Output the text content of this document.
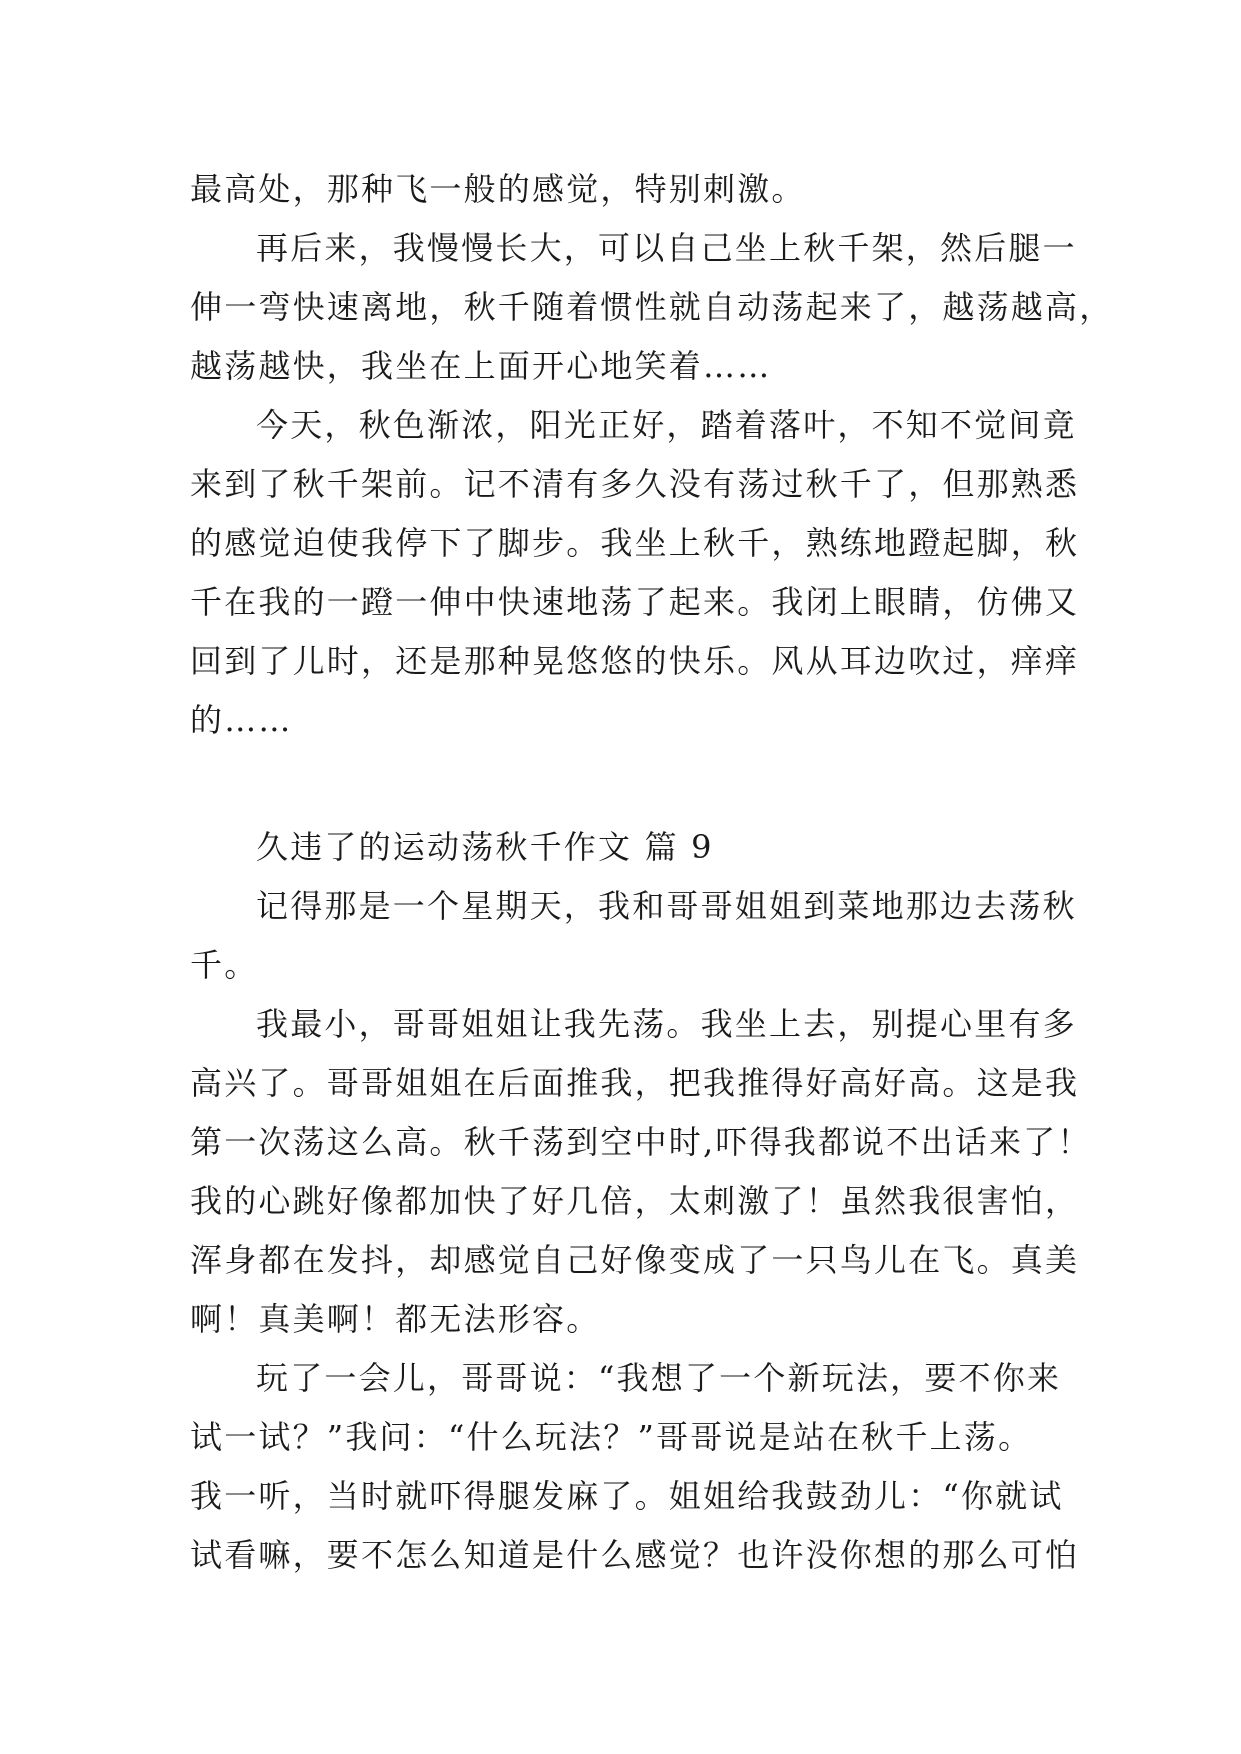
最高处，那种飞一般的感觉，特别刺激。
再后来，我慢慢长大，可以自己坐上秋千架，然后腿一
伸一弯快速离地，秋千随着惯性就自动荡起来了，越荡越高，
越荡越快，我坐在上面开心地笑着……
今天，秋色渐浓，阳光正好，踏着落叶，不知不觉间竟
来到了秋千架前。记不清有多久没有荡过秋千了，但那熟悉
的感觉迫使我停下了脚步。我坐上秋千，熟练地蹬起脚，秋
千在我的一蹬一伸中快速地荡了起来。我闭上眼睛，仿佛又
回到了儿时，还是那种晃悠悠的快乐。风从耳边吹过，痒痒
的……
久违了的运动荡秋千作文 篇 9
记得那是一个星期天，我和哥哥姐姐到菜地那边去荡秋
千。
我最小，哥哥姐姐让我先荡。我坐上去，别提心里有多
高兴了。哥哥姐姐在后面推我，把我推得好高好高。这是我
第一次荡这么高。秋千荡到空中时,吓得我都说不出话来了！
我的心跳好像都加快了好几倍，太刺激了！虽然我很害怕，
浑身都在发抖，却感觉自己好像变成了一只鸟儿在飞。真美
啊！真美啊！都无法形容。
玩了一会儿，哥哥说：“我想了一个新玩法，要不你来
试一试？”我问：“什么玩法？”哥哥说是站在秋千上荡。
我一听，当时就吓得腿发麻了。姐姐给我鼓劲儿：“你就试
试看嘛，要不怎么知道是什么感觉？也许没你想的那么可怕
